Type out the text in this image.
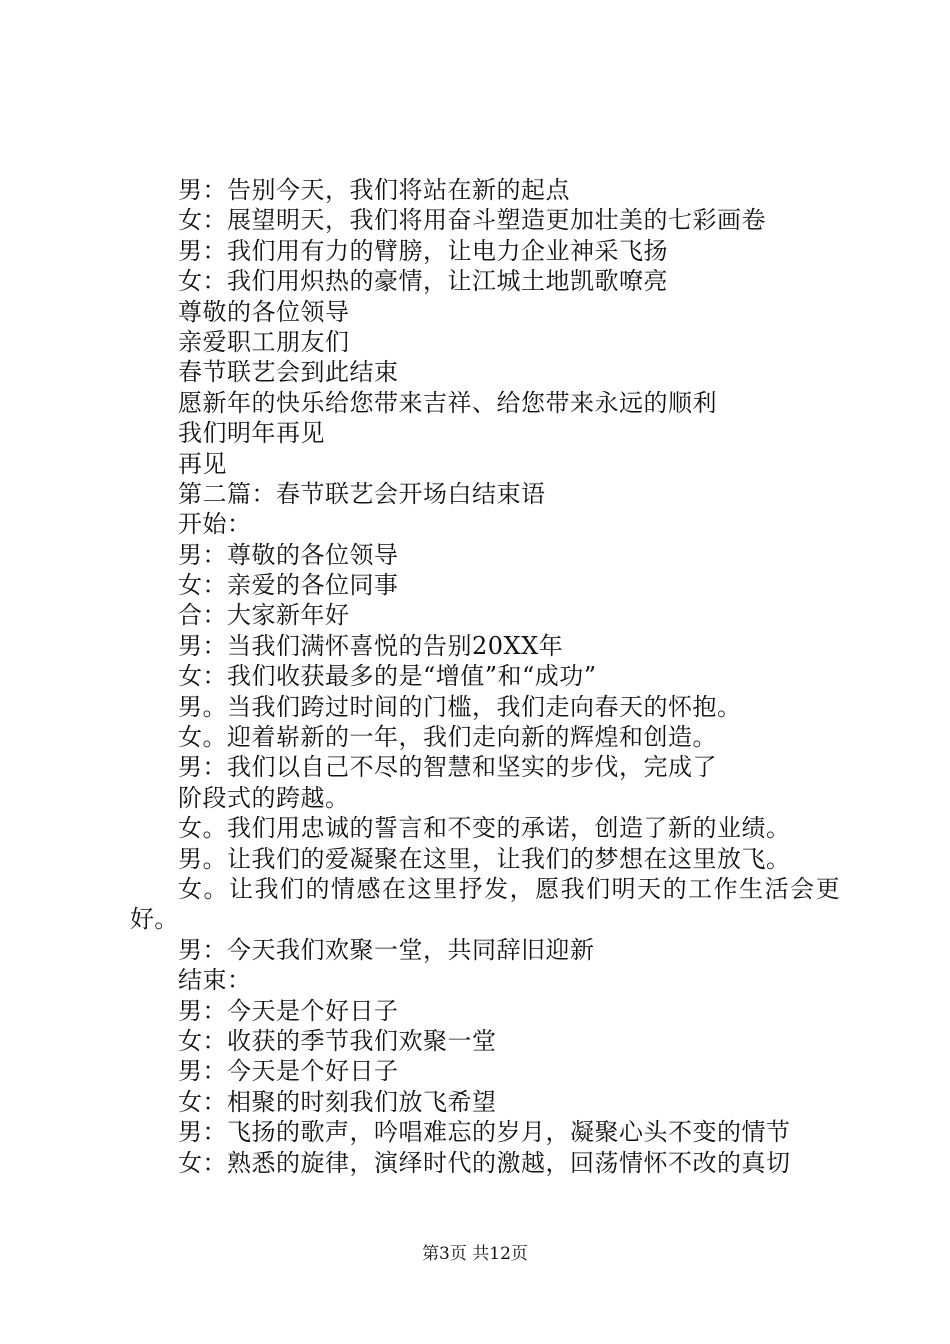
男：告别今天，我们将站在新的起点
女：展望明天，我们将用奋斗塑造更加壮美的七彩画卷
男：我们用有力的臂膀，让电力企业神采飞扬
女：我们用炽热的豪情，让江城土地凯歌嘹亮
尊敬的各位领导
亲爱职工朋友们
春节联艺会到此结束
愿新年的快乐给您带来吉祥、给您带来永远的顺利
我们明年再见
再见
第二篇：春节联艺会开场白结束语
开始：
男：尊敬的各位领导
女：亲爱的各位同事
合：大家新年好
男：当我们满怀喜悦的告别20XX年
女：我们收获最多的是“增值”和“成功”
男。当我们跨过时间的门槛，我们走向春天的怀抱。
女。迎着崭新的一年，我们走向新的辉煌和创造。
男：我们以自己不尽的智慧和坚实的步伐，完成了
阶段式的跨越。
女。我们用忠诚的誓言和不变的承诺，创造了新的业绩。
男。让我们的爱凝聚在这里，让我们的梦想在这里放飞。
女。让我们的情感在这里抒发，愿我们明天的工作生活会更好。
男：今天我们欢聚一堂，共同辞旧迎新
结束：
男：今天是个好日子
女：收获的季节我们欢聚一堂
男：今天是个好日子
女：相聚的时刻我们放飞希望
男：飞扬的歌声，吟唱难忘的岁月，凝聚心头不变的情节
女：熟悉的旋律，演绎时代的激越，回荡情怀不改的真切
第3页 共12页
